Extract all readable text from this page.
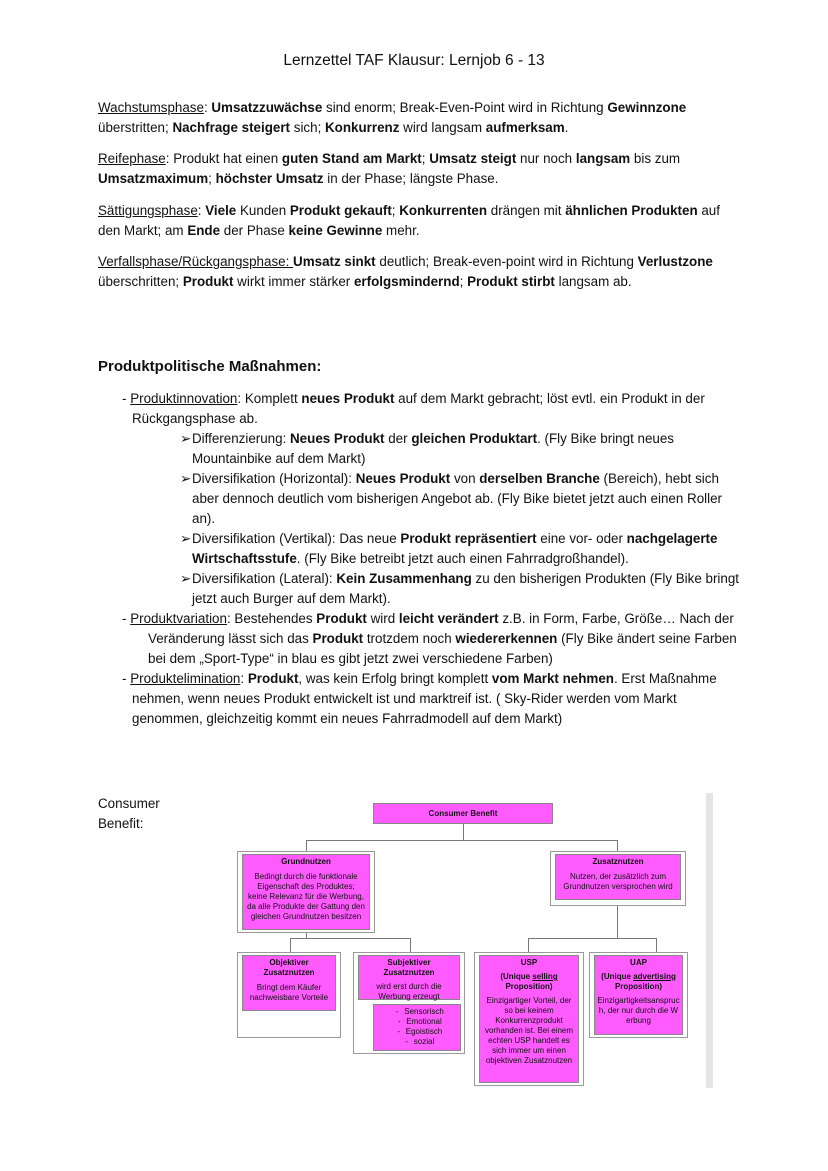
Lernzettel TAF Klausur: Lernjob 6 - 13

Wachstumsphase: Umsatzzuwächse sind enorm; Break-Even-Point wird in Richtung Gewinnzone überstritten; Nachfrage steigert sich; Konkurrenz wird langsam aufmerksam.

Reifephase: Produkt hat einen guten Stand am Markt; Umsatz steigt nur noch langsam bis zum Umsatzmaximum; höchster Umsatz in der Phase; längste Phase.

Sättigungsphase: Viele Kunden Produkt gekauft; Konkurrenten drängen mit ähnlichen Produkten auf den Markt; am Ende der Phase keine Gewinne mehr.

Verfallsphase/Rückgangsphase: Umsatz sinkt deutlich; Break-even-point wird in Richtung Verlustzone überschritten; Produkt wirkt immer stärker erfolgsmindernd; Produkt stirbt langsam ab.

Produktpolitische Maßnahmen:

- Produktinnovation: Komplett neues Produkt auf dem Markt gebracht; löst evtl. ein Produkt in der Rückgangsphase ab.

➢Differenzierung: Neues Produkt der gleichen Produktart. (Fly Bike bringt neues Mountainbike auf dem Markt)

➢Diversifikation (Horizontal): Neues Produkt von derselben Branche (Bereich), hebt sich aber dennoch deutlich vom bisherigen Angebot ab. (Fly Bike bietet jetzt auch einen Roller an).

➢Diversifikation (Vertikal): Das neue Produkt repräsentiert eine vor- oder nachgelagerte Wirtschaftsstufe. (Fly Bike betreibt jetzt auch einen Fahrradgroßhandel).

➢Diversifikation (Lateral): Kein Zusammenhang zu den bisherigen Produkten (Fly Bike bringt jetzt auch Burger auf dem Markt).

- Produktvariation: Bestehendes Produkt wird leicht verändert z.B. in Form, Farbe, Größe… Nach der Veränderung lässt sich das Produkt trotzdem noch wiedererkennen (Fly Bike ändert seine Farben bei dem „Sport-Type“ in blau es gibt jetzt zwei verschiedene Farben)

- Produktelimination: Produkt, was kein Erfolg bringt komplett vom Markt nehmen. Erst Maßnahme nehmen, wenn neues Produkt entwickelt ist und marktreif ist. ( Sky-Rider werden vom Markt genommen, gleichzeitig kommt ein neues Fahrradmodell auf dem Markt)

Consumer Benefit:
Consumer Benefit
Grundnutzen
Bedingt durch die funktionale Eigenschaft des Produktes; keine Relevanz für die Werbung, da alle Produkte der Gattung den gleichen Grundnutzen besitzen
Zusatznutzen
Nutzen, der zusätzlich zum Grundnutzen versprochen wird
Objektiver Zusatznutzen
Bringt dem Käufer nachweisbare Vorteile
Subjektiver Zusatznutzen
wird erst durch die Werbung erzeugt
- Sensorisch
- Emotional
- Egoistisch
- sozial
USP
(Unique selling Proposition)
Einzigartiger Vorteil, der so bei keinem Konkurrenzprodukt vorhanden ist. Bei einem echten USP handelt es sich immer um einen objektiven Zusatznutzen
UAP
(Unique advertising Proposition)
Einzigartigkeitsanspruch, der nur durch die Werbung
